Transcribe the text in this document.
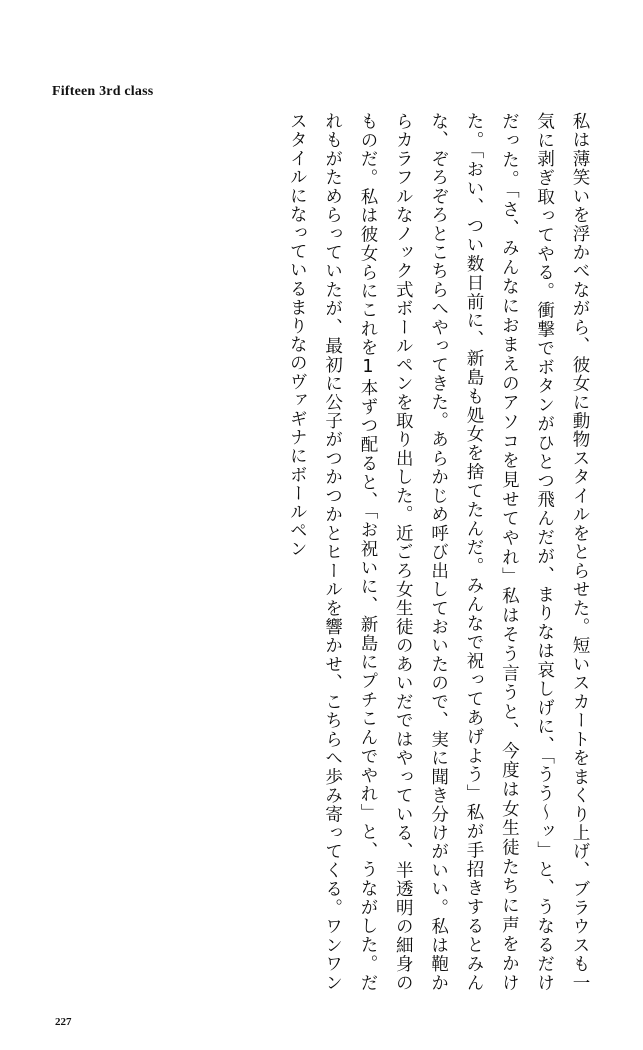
Fifteen 3rd class

私は薄笑いを浮かべながら、彼女に動物スタイルをとらせた。短いスカートをまくり上げ、ブラウスも一気に剥ぎ取ってやる。衝撃でボタンがひとつ飛んだが、まりなは哀しげに、「うう〜ッ」と、うなるだけだった。「さ、みんなにおまえのアソコを見せてやれ」私はそう言うと、今度は女生徒たちに声をかけた。「おい、つい数日前に、新島も処女を捨てたんだ。みんなで祝ってあげよう」私が手招きするとみんな、ぞろぞろとこちらへやってきた。あらかじめ呼び出しておいたので、実に聞き分けがいい。私は鞄からカラフルなノック式ボールペンを取り出した。近ごろ女生徒のあいだではやっている、半透明の細身のものだ。私は彼女らにこれを1本ずつ配ると、「お祝いに、新島にプチこんでやれ」と、うながした。だれもがためらっていたが、最初に公子がつかつかとヒールを響かせ、こちらへ歩み寄ってくる。ワンワンスタイルになっているまりなのヴァギナにボールペン

227
